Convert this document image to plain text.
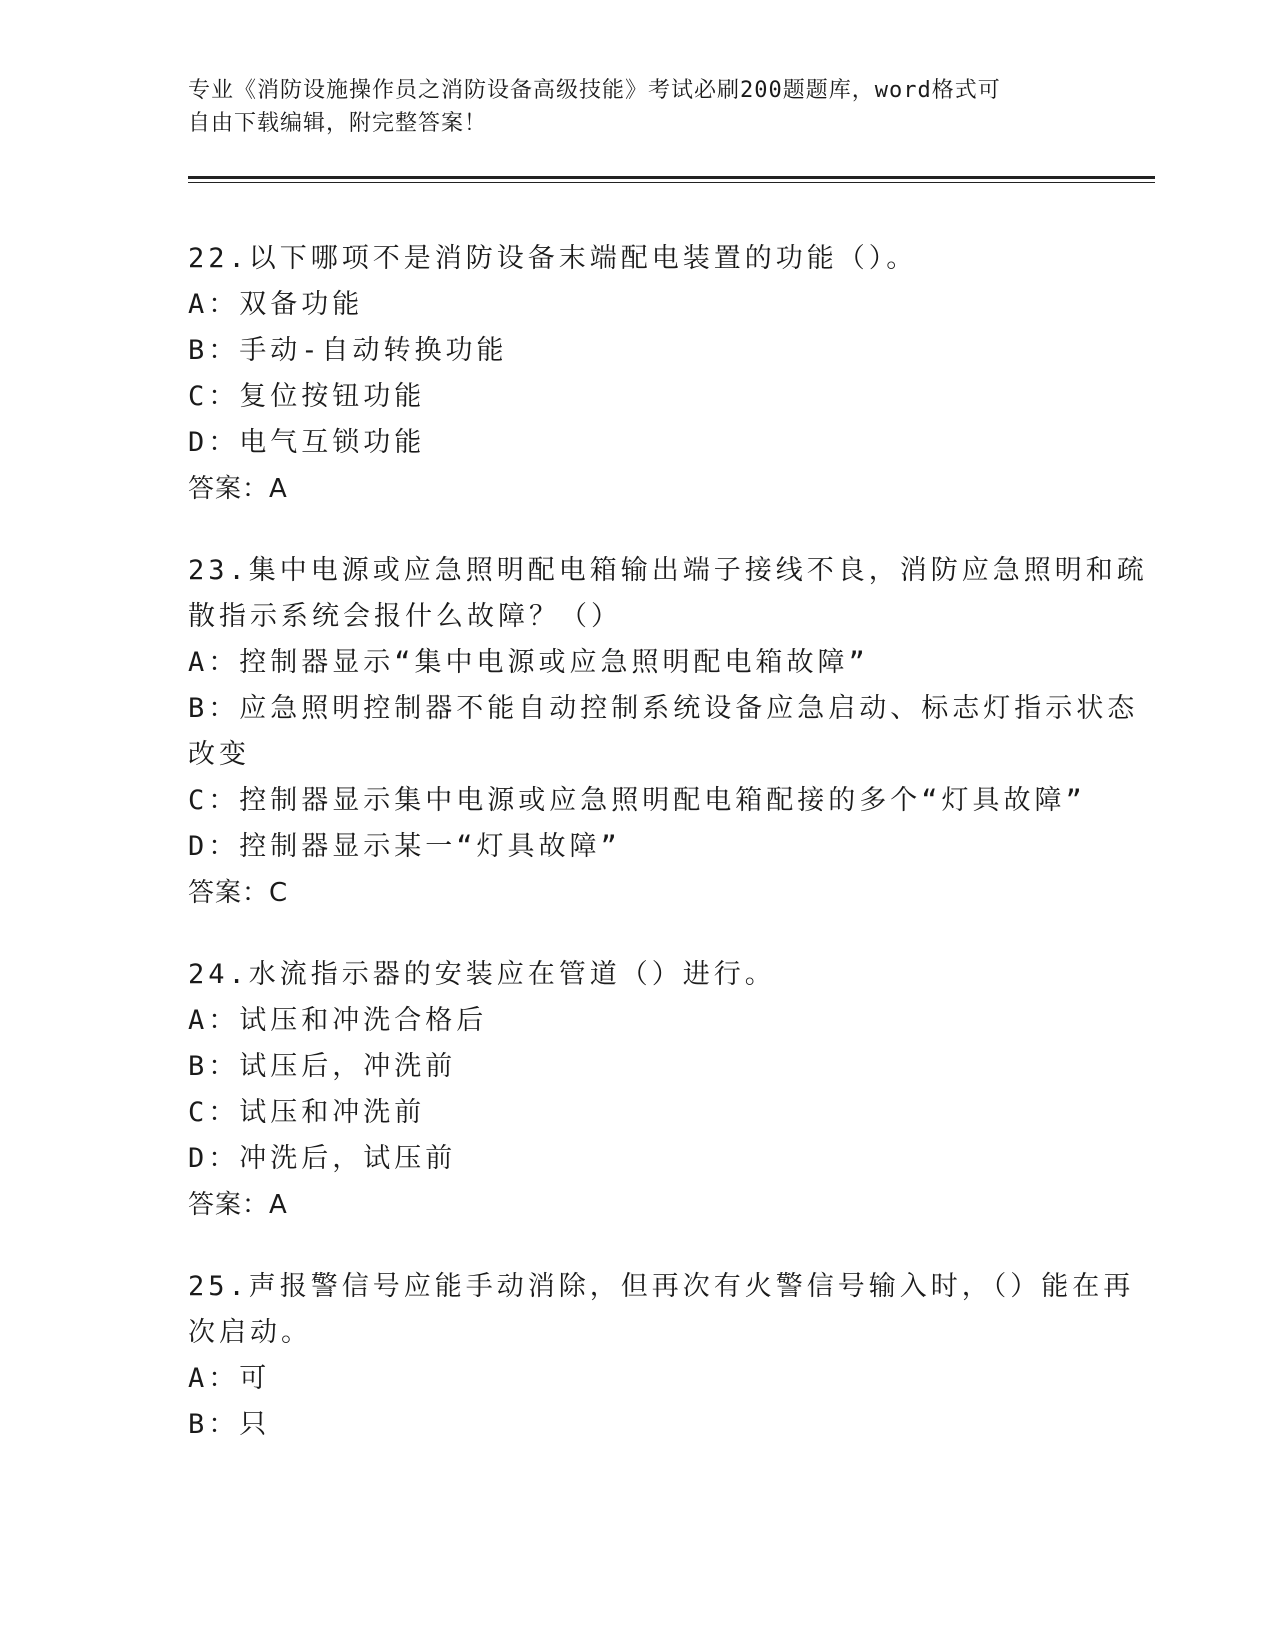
专业《消防设施操作员之消防设备高级技能》考试必刷200题题库，word格式可
自由下载编辑，附完整答案！
22.以下哪项不是消防设备末端配电装置的功能（）。
A：双备功能
B：手动-自动转换功能
C：复位按钮功能
D：电气互锁功能
答案：A
23.集中电源或应急照明配电箱输出端子接线不良，消防应急照明和疏
散指示系统会报什么故障？（）
A：控制器显示“集中电源或应急照明配电箱故障”
B：应急照明控制器不能自动控制系统设备应急启动、标志灯指示状态
改变
C：控制器显示集中电源或应急照明配电箱配接的多个“灯具故障”
D：控制器显示某一“灯具故障”
答案：C
24.水流指示器的安装应在管道（）进行。
A：试压和冲洗合格后
B：试压后，冲洗前
C：试压和冲洗前
D：冲洗后，试压前
答案：A
25.声报警信号应能手动消除，但再次有火警信号输入时，（）能在再
次启动。
A：可
B：只
